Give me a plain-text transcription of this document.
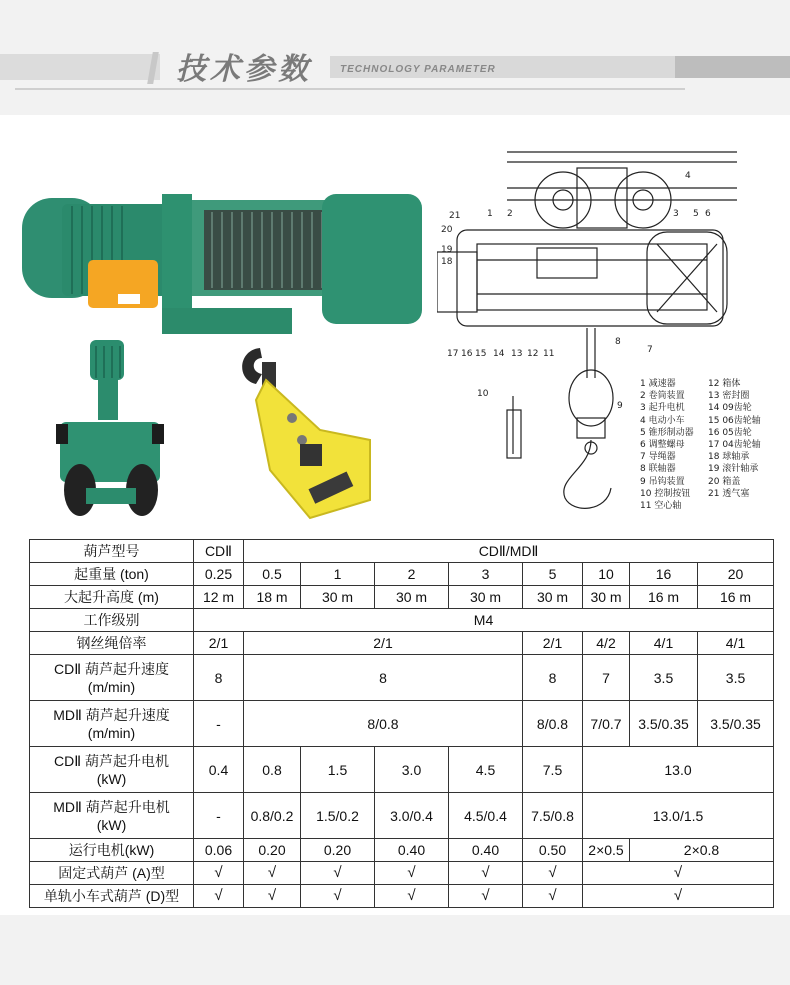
技术参数	TECHNOLOGY PARAMETER
4
21	1 2	3 5 6
20
19
18
17 16 15 14 13 12 11	7
8
9
10
1 减速器
2 卷筒装置
3 起升电机
4 电动小车
5 锥形制动器
6 调整螺母
7 导绳器
8 联轴器
9 吊钩装置
10 控制按钮
11 空心轴
12 箱体
13 密封圈
14 09齿轮
15 06齿轮轴
16 05齿轮
17 04齿轮轴
18 球轴承
19 滚针轴承
20 箱盖
21 透气塞
葫芦型号	CDⅡ	CDⅡ/MDⅡ							
起重量 (ton)	0.25	0.5	1	2	3	5	10	16	20
大起升高度 (m)	12 m	18 m	30 m	30 m	30 m	30 m	30 m	16 m	16 m
工作级别	M4								
钢丝绳倍率	2/1	2/1				2/1	4/2	4/1	4/1

CDⅡ 葫芦起升速度
(m/min)	8	8				8	7	3.5	3.5

MDⅡ 葫芦起升速度
(m/min)	-	8/0.8				8/0.8	7/0.7	3.5/0.35	3.5/0.35

CDⅡ 葫芦起升电机
(kW)	0.4	0.8	1.5	3.0	4.5	7.5	13.0		

MDⅡ 葫芦起升电机
(kW)	-	0.8/0.2	1.5/0.2	3.0/0.4	4.5/0.4	7.5/0.8	13.0/1.5		
运行电机(kW)	0.06	0.20	0.20	0.40	0.40	0.50	2×0.5	2×0.8	
固定式葫芦 (A)型	√	√	√	√	√	√	√		
单轨小车式葫芦 (D)型	√	√	√	√	√	√	√		
